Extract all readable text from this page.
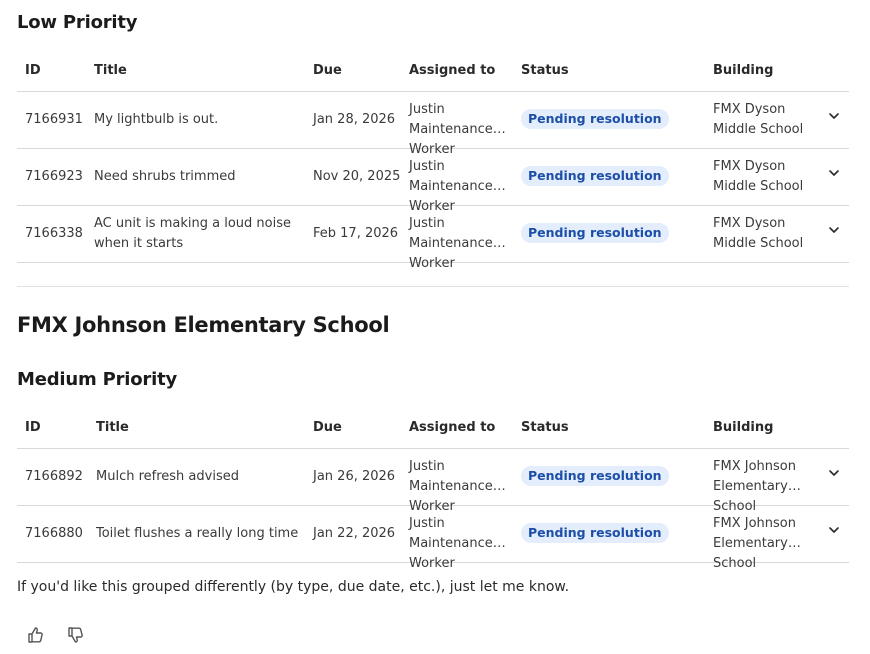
Low Priority
ID	Title	Due	Assigned to	Status	Building	
7166931	My lightbulb is out.	Jan 28, 2026	Justin Maintenance Worker	Pending resolution	FMX Dyson Middle School

7166923	Need shrubs trimmed	Nov 20, 2025	Justin Maintenance Worker	Pending resolution	FMX Dyson Middle School

7166338	AC unit is making a loud noise when it starts	Feb 17, 2026	Justin Maintenance Worker	Pending resolution	FMX Dyson Middle School

FMX Johnson Elementary School
Medium Priority
ID	Title	Due	Assigned to	Status	Building	
7166892	Mulch refresh advised	Jan 26, 2026	Justin Maintenance Worker	Pending resolution	FMX Johnson Elementary School

7166880	Toilet flushes a really long time	Jan 22, 2026	Justin Maintenance Worker	Pending resolution	FMX Johnson Elementary School

If you'd like this grouped differently (by type, due date, etc.), just let me know.
